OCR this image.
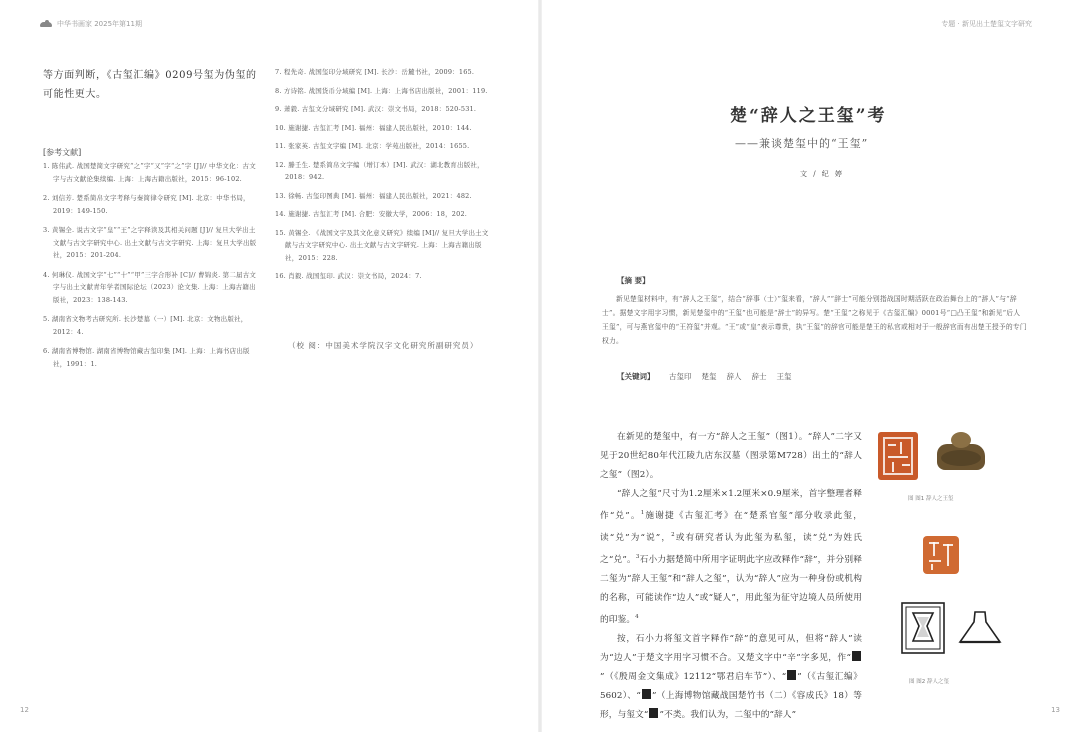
中华书画家 2025年第11期

等方面判断，《古玺汇编》0209号玺为伪玺的可能性更大。

[参考文献]
1. 陈伟武. 战国楚简文字研究“之”字“又”字“之”字 [J]// 中华文化：古文字与古文献论集续编. 上海：上海古籍出版社，2015：96-102.
2. 刘信芳. 楚系简帛文字考释与秦简律令研究 [M]. 北京：中华书局，2019：149-150.
3. 黄锡全. 说古文字“皇”“王”之字释读及其相关问题 [J]// 复旦大学出土文献与古文字研究中心. 出土文献与古文字研究. 上海：复旦大学出版社，2015：201-204.
4. 何琳仪. 战国文字“七”“十”“甲”三字合形补 [C]// 曹锦炎. 第二届古文字与出土文献青年学者国际论坛（2023）论文集. 上海：上海古籍出版社，2023：138-143.
5. 湖南省文物考古研究所. 长沙楚墓（一）[M]. 北京：文物出版社，2012：4.
6. 湖南省博物馆. 湖南省博物馆藏古玺印集 [M]. 上海：上海书店出版社，1991：1.
7. 程先奇. 战国玺印分域研究 [M]. 长沙：岳麓书社，2009：165.
8. 方诗铭. 战国货币分域编 [M]. 上海：上海书店出版社，2001：119.
9. 萧毅. 古玺文分域研究 [M]. 武汉：崇文书局，2018：520-531.
10. 施谢捷. 古玺汇考 [M]. 福州：福建人民出版社，2010：144.
11. 张家英. 古玺文字编 [M]. 北京：学苑出版社，2014：1655.
12. 滕壬生. 楚系简帛文字编（增订本）[M]. 武汉：湖北教育出版社，2018：942.
13. 徐畅. 古玺印图典 [M]. 福州：福建人民出版社，2021：482.
14. 施谢捷. 古玺汇考 [M]. 合肥：安徽大学，2006：18，202.
15. 黄锡全. 《战国文字及其文化意义研究》续编 [M]// 复旦大学出土文献与古文字研究中心. 出土文献与古文字研究. 上海：上海古籍出版社，2015：228.
16. 肖毅. 战国玺印. 武汉：崇文书局，2024：7.
（校 阅：中国美术学院汉字文化研究所副研究员）
12
专题 · 新见出土楚玺文字研究
楚“辞人之王玺”考
——兼谈楚玺中的“王玺”
文 / 纪 婷
【摘 要】

新见楚玺材料中，有“辞人之王玺”，结合“辞事（士）”玺来看，“辞人”“辞士”可能分别指战国时期活跃在政治舞台上的“辞人”与“辞士”。据楚文字用字习惯，新见楚玺中的“王玺”也可能是“辞士”的异写。楚“王玺”之称见于《古玺汇编》0001号“□凸王玺”和新见“后人王玺”，可与燕官玺中的“王符玺”并观。“王”或“皇”表示尊贵，执“王玺”的辞官可能是楚王的私官或相对于一般辞官而有出楚王授予的专门权力。

【关键词】 古玺印 楚玺 辞人 辞士 王玺

在新见的楚玺中，有一方“辞人之王玺”（图1）。“辞人”二字又见于20世纪80年代江陵九店东汉墓（图录第M728）出土的“辞人之玺”（图2）。

“辞人之玺”尺寸为1.2厘米×1.2厘米×0.9厘米，首字整理者释作“兑”。$^1$施谢捷《古玺汇考》在“楚系官玺”部分收录此玺，读“兑”为“说”，$^2$或有研究者认为此玺为私玺，读“兑”为姓氏之“兑”。$^3$石小力据楚简中所用字证明此字应改释作“辞”，并分别释二玺为“辞人王玺”和“辞人之玺”，认为“辞人”应为一种身份或机构的名称，可能读作“边人”或“疑人”，用此玺为征守边境人员所使用的印鉴。$^4$

按，石小力将玺文首字释作“辞”的意见可从，但将“辞人”读为“边人”于楚文字用字习惯不合。又楚文字中“辛”字多见，作“”（《殷周金文集成》12112“鄂君启车节”）、“ ”（《古玺汇编》5602）、“ ”（上海博物馆藏战国楚竹书（二）《容成氏》18）等形，与玺文“ ”不类。我们认为，二玺中的“辞人”

图 图1 辞人之王玺
图 图2 辞人之玺
13
